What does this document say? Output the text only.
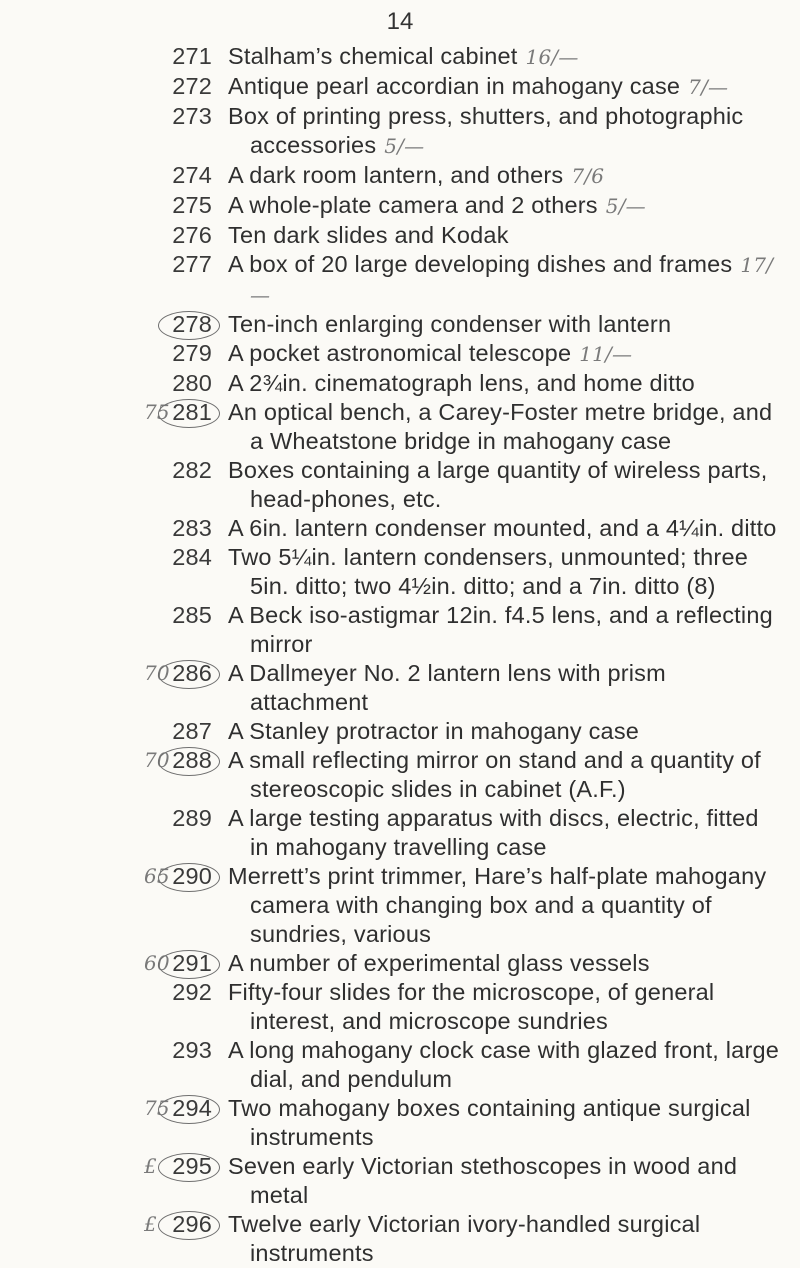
14
271 Stalham’s chemical cabinet 16/—
272 Antique pearl accordian in mahogany case 7/—
273 Box of printing press, shutters, and photographic accessories 5/—
274 A dark room lantern, and others 7/6
275 A whole-plate camera and 2 others 5/—
276 Ten dark slides and Kodak
277 A box of 20 large developing dishes and frames 17/—
278 Ten-inch enlarging condenser with lantern
279 A pocket astronomical telescope 11/—
280 A 2¾in. cinematograph lens, and home ditto
75 281 An optical bench, a Carey-Foster metre bridge, and a Wheatstone bridge in mahogany case
282 Boxes containing a large quantity of wireless parts, head-phones, etc.
283 A 6in. lantern condenser mounted, and a 4¼in. ditto
284 Two 5¼in. lantern condensers, unmounted; three 5in. ditto; two 4½in. ditto; and a 7in. ditto (8)
285 A Beck iso-astigmar 12in. f4.5 lens, and a reflecting mirror
70 286 A Dallmeyer No. 2 lantern lens with prism attachment
287 A Stanley protractor in mahogany case
70 288 A small reflecting mirror on stand and a quantity of stereoscopic slides in cabinet (A.F.)
289 A large testing apparatus with discs, electric, fitted in mahogany travelling case
65 290 Merrett’s print trimmer, Hare’s half-plate mahogany camera with changing box and a quantity of sundries, various
60 291 A number of experimental glass vessels
292 Fifty-four slides for the microscope, of general interest, and microscope sundries
293 A long mahogany clock case with glazed front, large dial, and pendulum
75 294 Two mahogany boxes containing antique surgical instruments
£ 295 Seven early Victorian stethoscopes in wood and metal
£ 296 Twelve early Victorian ivory-handled surgical instruments
